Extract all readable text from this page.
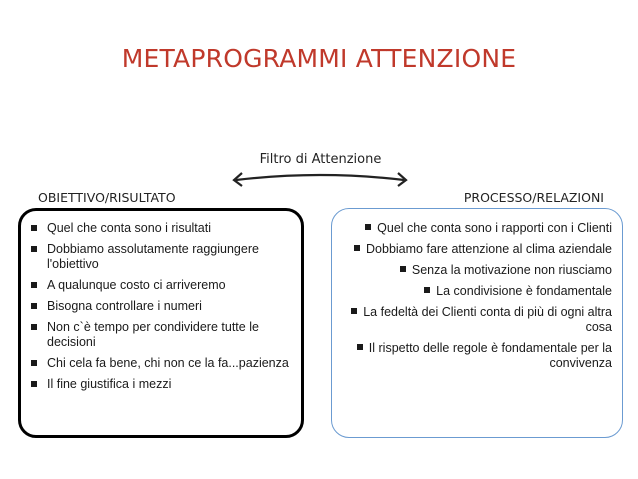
METAPROGRAMMI ATTENZIONE
Filtro di Attenzione
OBIETTIVO/RISULTATO	PROCESSO/RELAZIONI
Quel che conta sono i risultati
Dobbiamo assolutamente raggiungere l'obiettivo
A qualunque costo ci arriveremo
Bisogna controllare i numeri
Non c`è tempo per condividere tutte le decisioni
Chi cela fa bene, chi non ce la fa...pazienza
Il fine giustifica i mezzi
Quel che conta sono i rapporti con i Clienti
Dobbiamo fare attenzione al clima aziendale
Senza la motivazione non riusciamo
La condivisione è fondamentale
La fedeltà dei Clienti conta di più di ogni altra cosa
Il rispetto delle regole è fondamentale per la convivenza
